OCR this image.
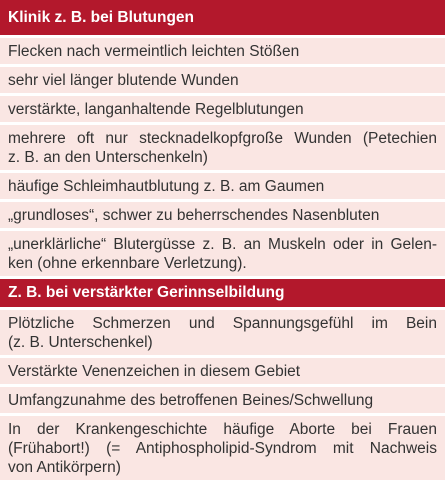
Klinik z. B. bei Blutungen
Flecken nach vermeintlich leichten Stößen
sehr viel länger blutende Wunden
verstärkte, langanhaltende Regelblutungen
mehrere oft nur stecknadelkopfgroße Wunden (Petechien
z. B. an den Unterschenkeln)
häufige Schleimhautblutung z. B. am Gaumen
„grundloses“, schwer zu beherrschendes Nasenbluten
„unerklärliche“ Blutergüsse z. B. an Muskeln oder in Gelen-
ken (ohne erkennbare Verletzung).
Z. B. bei verstärkter Gerinnselbildung
Plötzliche Schmerzen und Spannungsgefühl im Bein
(z. B. Unterschenkel)
Verstärkte Venenzeichen in diesem Gebiet
Umfangzunahme des betroffenen Beines/Schwellung
In der Krankengeschichte häufige Aborte bei Frauen
(Frühabort!) (= Antiphospholipid-Syndrom mit Nachweis
von Antikörpern)
